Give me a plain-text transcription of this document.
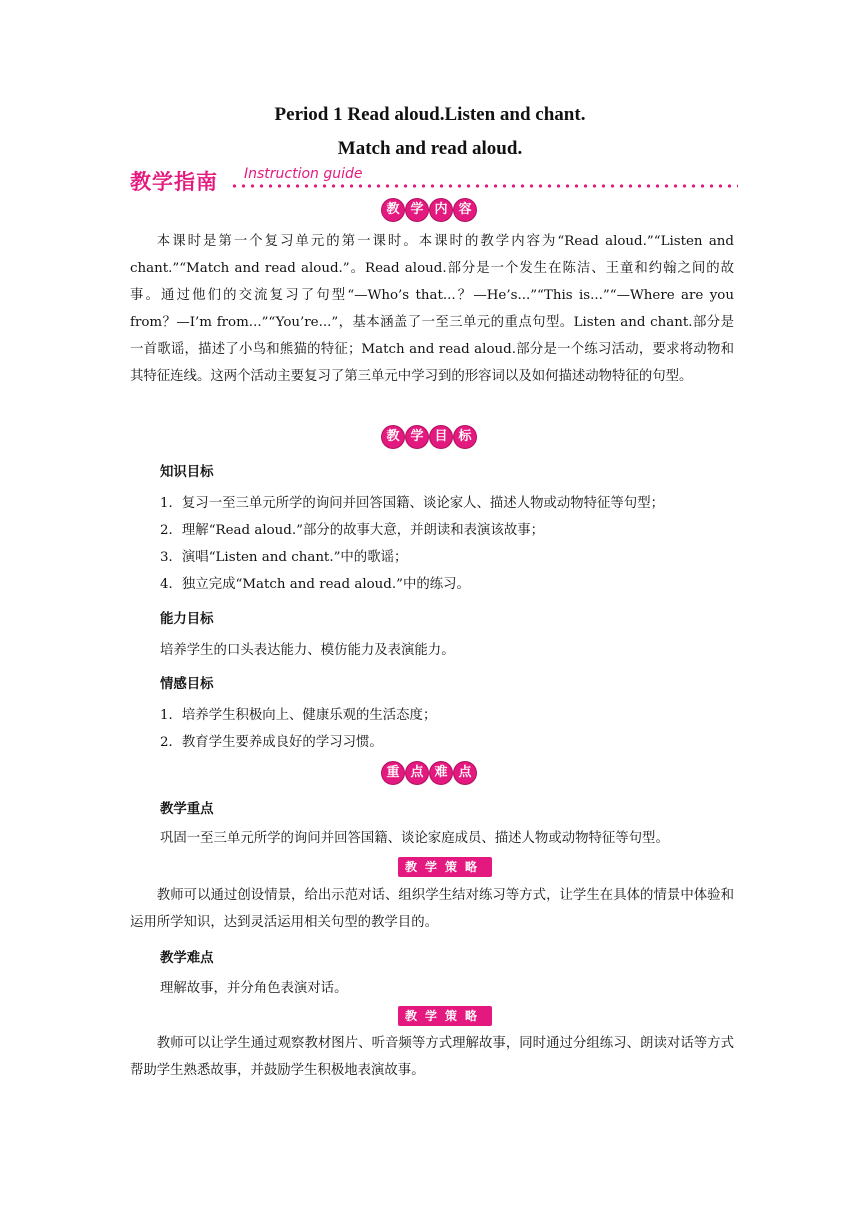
Period 1 Read aloud.Listen and chant.
Match and read aloud.
教学指南 Instruction guide
教 学 内 容
本课时是第一个复习单元的第一课时。本课时的教学内容为“Read aloud.”“Listen and chant.”“Match and read aloud.”。Read aloud.部分是一个发生在陈洁、王童和约翰之间的故事。通过他们的交流复习了句型“—Who’s that...？—He’s...”“This is...”“—Where are you from？—I’m from...”“You’re...”，基本涵盖了一至三单元的重点句型。Listen and chant.部分是一首歌谣，描述了小鸟和熊猫的特征；Match and read aloud.部分是一个练习活动，要求将动物和其特征连线。这两个活动主要复习了第三单元中学习到的形容词以及如何描述动物特征的句型。
教 学 目 标
知识目标
1．复习一至三单元所学的询问并回答国籍、谈论家人、描述人物或动物特征等句型；
2．理解“Read aloud.”部分的故事大意，并朗读和表演该故事；
3．演唱“Listen and chant.”中的歌谣；
4．独立完成“Match and read aloud.”中的练习。
能力目标
培养学生的口头表达能力、模仿能力及表演能力。
情感目标
1．培养学生积极向上、健康乐观的生活态度；
2．教育学生要养成良好的学习习惯。
重 点 难 点
教学重点
巩固一至三单元所学的询问并回答国籍、谈论家庭成员、描述人物或动物特征等句型。
教学策略
教师可以通过创设情景，给出示范对话、组织学生结对练习等方式，让学生在具体的情景中体验和运用所学知识，达到灵活运用相关句型的教学目的。
教学难点
理解故事，并分角色表演对话。
教学策略
教师可以让学生通过观察教材图片、听音频等方式理解故事，同时通过分组练习、朗读对话等方式帮助学生熟悉故事，并鼓励学生积极地表演故事。
